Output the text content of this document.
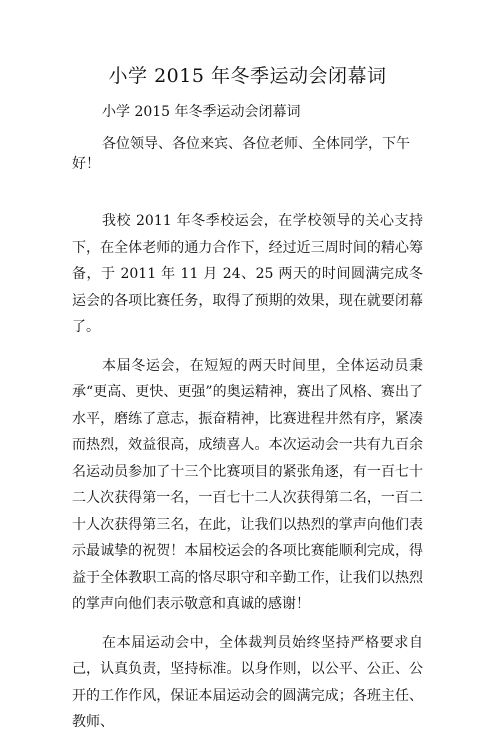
小学 2015 年冬季运动会闭幕词

小学 2015 年冬季运动会闭幕词

各位领导、各位来宾、各位老师、全体同学，下午好！

我校 2011 年冬季校运会，在学校领导的关心支持下，在全体老师的通力合作下，经过近三周时间的精心筹备，于 2011 年 11 月 24、25 两天的时间圆满完成冬运会的各项比赛任务，取得了预期的效果，现在就要闭幕了。

本届冬运会，在短短的两天时间里，全体运动员秉承“更高、更快、更强”的奥运精神，赛出了风格、赛出了水平，磨练了意志，振奋精神，比赛进程井然有序，紧凑而热烈，效益很高，成绩喜人。本次运动会一共有九百余名运动员参加了十三个比赛项目的紧张角逐，有一百七十二人次获得第一名，一百七十二人次获得第二名，一百二十人次获得第三名，在此，让我们以热烈的掌声向他们表示最诚挚的祝贺！本届校运会的各项比赛能顺利完成，得益于全体教职工高的恪尽职守和辛勤工作，让我们以热烈的掌声向他们表示敬意和真诚的感谢！

在本届运动会中，全体裁判员始终坚持严格要求自己，认真负责，坚持标准。以身作则，以公平、公正、公开的工作作风，保证本届运动会的圆满完成；各班主任、教师、
